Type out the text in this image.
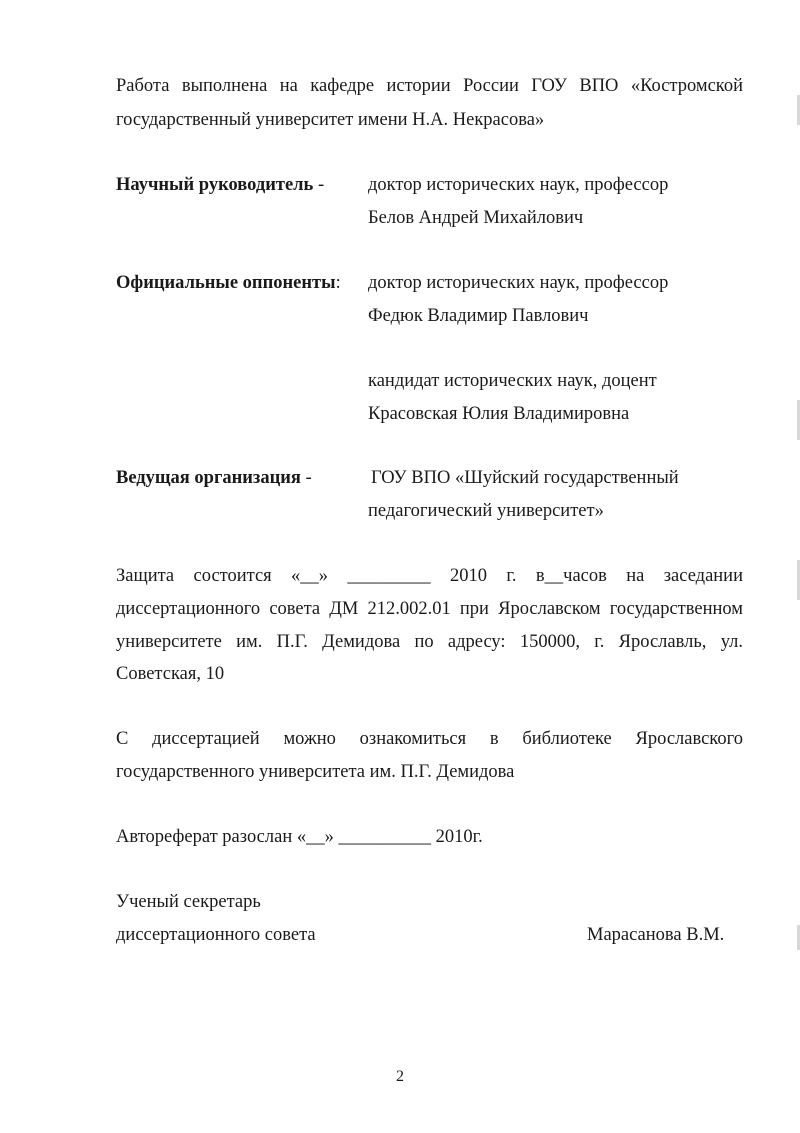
Работа выполнена на кафедре истории России ГОУ ВПО «Костромской
государственный университет имени Н.А. Некрасова»
Научный руководитель - доктор исторических наук, профессор
Белов Андрей Михайлович
Официальные оппоненты: доктор исторических наук, профессор
Федюк Владимир Павлович
кандидат исторических наук, доцент
Красовская Юлия Владимировна
Ведущая организация -	ГОУ ВПО «Шуйский государственный
педагогический университет»
Защита состоится «__» _________ 2010 г. в__часов на заседании
диссертационного совета ДМ 212.002.01 при Ярославском государственном
университете им. П.Г. Демидова по адресу: 150000, г. Ярославль, ул.
Советская, 10
С диссертацией можно ознакомиться в библиотеке Ярославского
государственного университета им. П.Г. Демидова
Автореферат разослан «__» __________ 2010г.
Ученый секретарь
диссертационного совета	Марасанова В.М.
2
